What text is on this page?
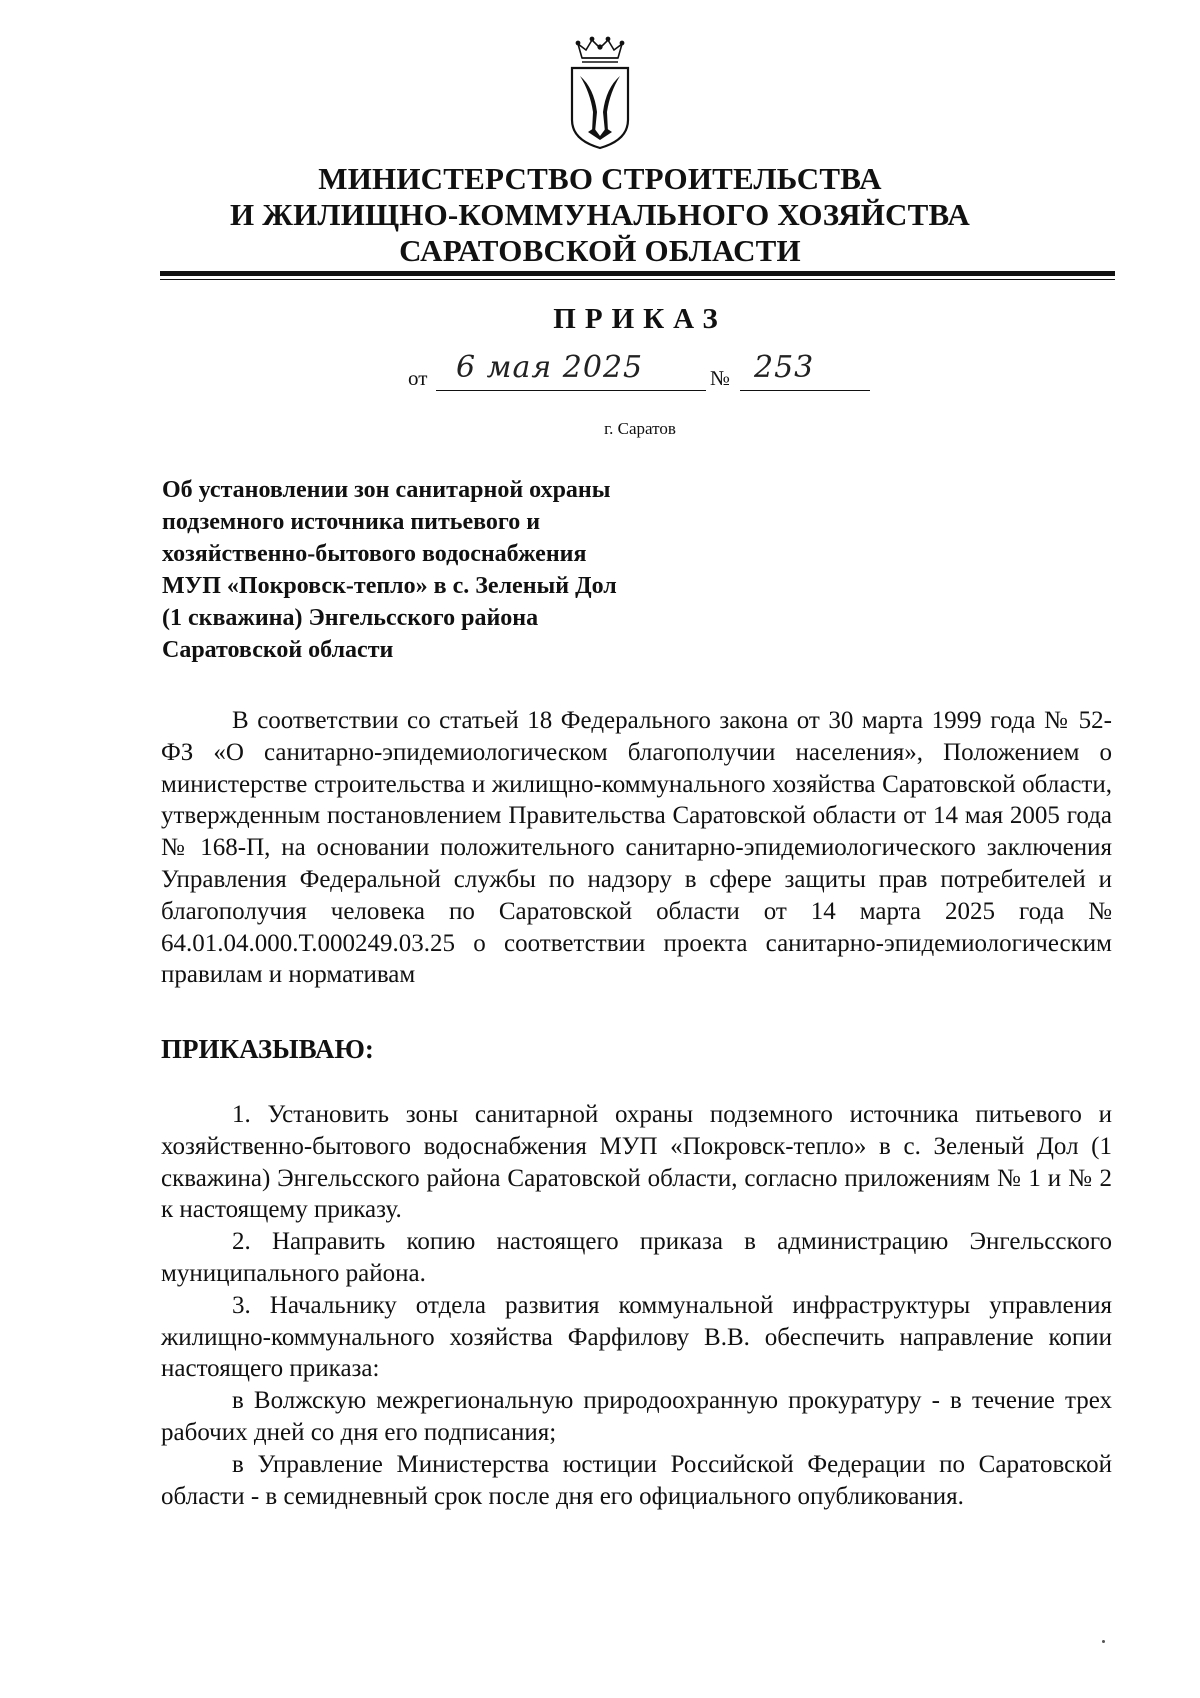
МИНИСТЕРСТВО СТРОИТЕЛЬСТВА
И ЖИЛИЩНО-КОММУНАЛЬНОГО ХОЗЯЙСТВА
САРАТОВСКОЙ ОБЛАСТИ
ПРИКАЗ
от 6 мая 2025	№ 253
г. Саратов
Об установлении зон санитарной охраны
подземного источника питьевого и
хозяйственно-бытового водоснабжения
МУП «Покровск-тепло» в с. Зеленый Дол
(1 скважина) Энгельсского района
Саратовской области

В соответствии со статьей 18 Федерального закона от 30 марта 1999 года № 52-ФЗ «О санитарно-эпидемиологическом благополучии населения», Положением о министерстве строительства и жилищно-коммунального хозяйства Саратовской области, утвержденным постановлением Правительства Саратовской области от 14 мая 2005 года № 168-П, на основании положительного санитарно-эпидемиологического заключения Управления Федеральной службы по надзору в сфере защиты прав потребителей и благополучия человека по Саратовской области от 14 марта 2025 года № 64.01.04.000.Т.000249.03.25 о соответствии проекта санитарно-эпидемиологическим правилам и нормативам

ПРИКАЗЫВАЮ:

1. Установить зоны санитарной охраны подземного источника питьевого и хозяйственно-бытового водоснабжения МУП «Покровск-тепло» в с. Зеленый Дол (1 скважина) Энгельсского района Саратовской области, согласно приложениям № 1 и № 2 к настоящему приказу.

2. Направить копию настоящего приказа в администрацию Энгельсского муниципального района.

3. Начальнику отдела развития коммунальной инфраструктуры управления жилищно-коммунального хозяйства Фарфилову В.В. обеспечить направление копии настоящего приказа:

в Волжскую межрегиональную природоохранную прокуратуру - в течение трех рабочих дней со дня его подписания;

в Управление Министерства юстиции Российской Федерации по Саратовской области - в семидневный срок после дня его официального опубликования.
